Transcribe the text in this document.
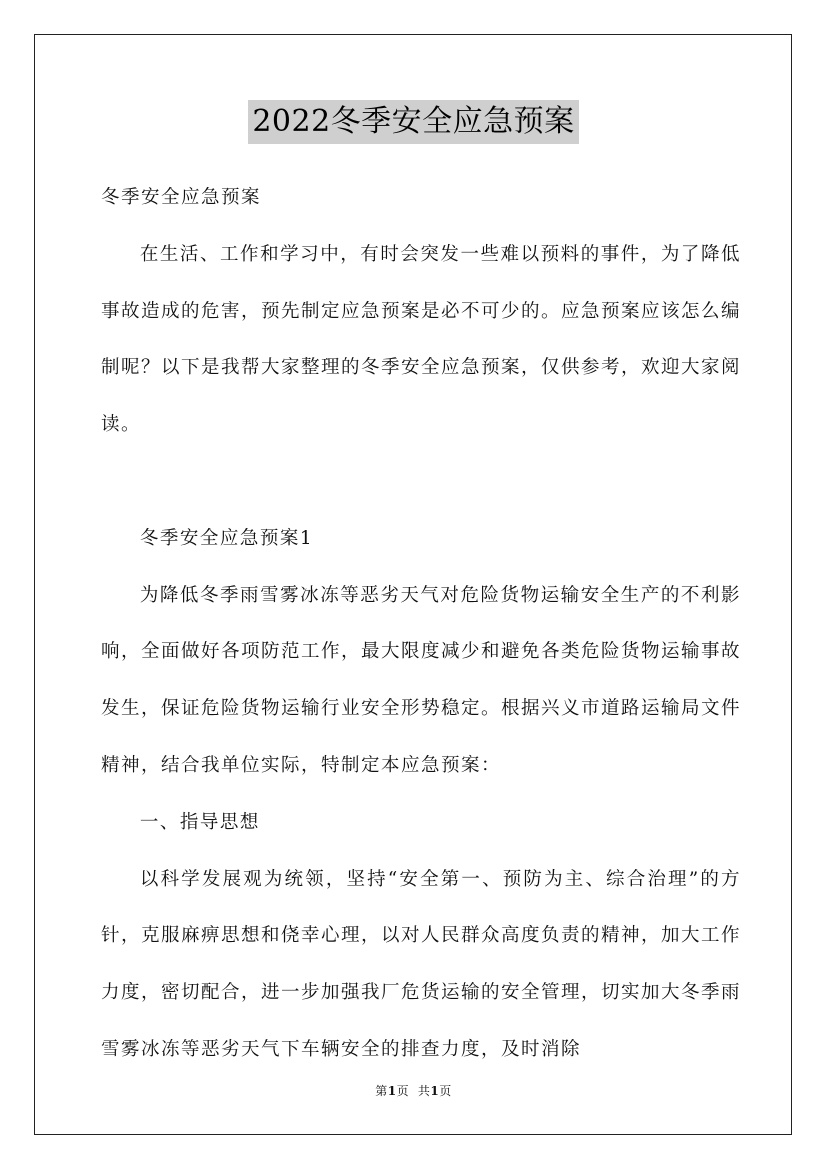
2022冬季安全应急预案

冬季安全应急预案

在生活、工作和学习中，有时会突发一些难以预料的事件，为了降低事故造成的危害，预先制定应急预案是必不可少的。应急预案应该怎么编制呢？以下是我帮大家整理的冬季安全应急预案，仅供参考，欢迎大家阅读。

冬季安全应急预案1

为降低冬季雨雪雾冰冻等恶劣天气对危险货物运输安全生产的不利影响，全面做好各项防范工作，最大限度减少和避免各类危险货物运输事故发生，保证危险货物运输行业安全形势稳定。根据兴义市道路运输局文件精神，结合我单位实际，特制定本应急预案：

一、指导思想

以科学发展观为统领，坚持“安全第一、预防为主、综合治理”的方针，克服麻痹思想和侥幸心理，以对人民群众高度负责的精神，加大工作力度，密切配合，进一步加强我厂危货运输的安全管理，切实加大冬季雨雪雾冰冻等恶劣天气下车辆安全的排查力度，及时消除

第1页 共1页
